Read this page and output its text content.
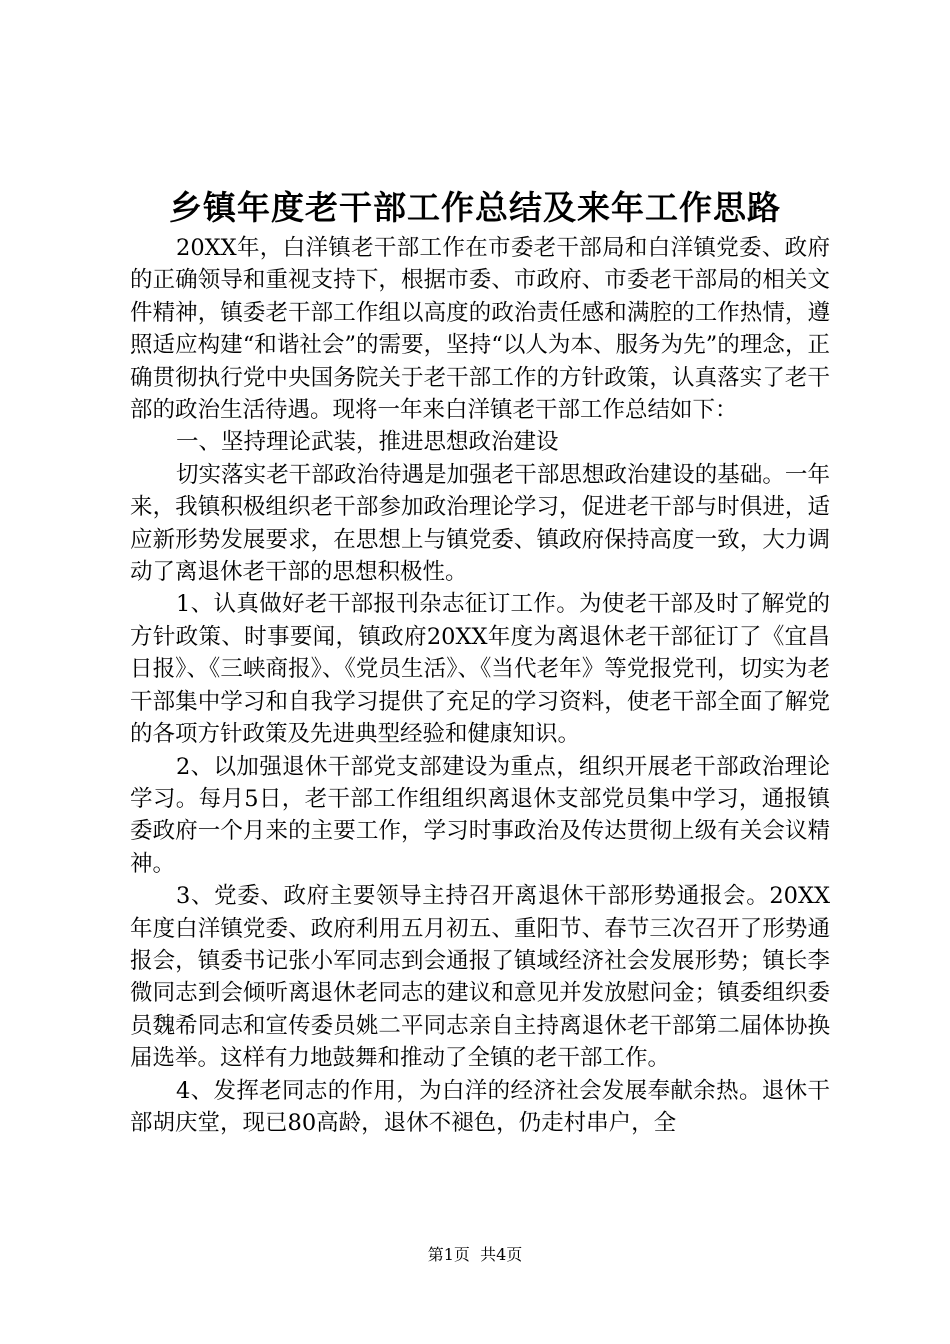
乡镇年度老干部工作总结及来年工作思路

20XX年，白洋镇老干部工作在市委老干部局和白洋镇党委、政府的正确领导和重视支持下，根据市委、市政府、市委老干部局的相关文件精神，镇委老干部工作组以高度的政治责任感和满腔的工作热情，遵照适应构建“和谐社会”的需要，坚持“以人为本、服务为先”的理念，正确贯彻执行党中央国务院关于老干部工作的方针政策，认真落实了老干部的政治生活待遇。现将一年来白洋镇老干部工作总结如下：

一、坚持理论武装，推进思想政治建设

切实落实老干部政治待遇是加强老干部思想政治建设的基础。一年来，我镇积极组织老干部参加政治理论学习，促进老干部与时俱进，适应新形势发展要求，在思想上与镇党委、镇政府保持高度一致，大力调动了离退休老干部的思想积极性。

1、认真做好老干部报刊杂志征订工作。为使老干部及时了解党的方针政策、时事要闻，镇政府20XX年度为离退休老干部征订了《宜昌日报》、《三峡商报》、《党员生活》、《当代老年》等党报党刊，切实为老干部集中学习和自我学习提供了充足的学习资料，使老干部全面了解党的各项方针政策及先进典型经验和健康知识。

2、以加强退休干部党支部建设为重点，组织开展老干部政治理论学习。每月5日，老干部工作组组织离退休支部党员集中学习，通报镇委政府一个月来的主要工作，学习时事政治及传达贯彻上级有关会议精神。

3、党委、政府主要领导主持召开离退休干部形势通报会。20XX年度白洋镇党委、政府利用五月初五、重阳节、春节三次召开了形势通报会，镇委书记张小军同志到会通报了镇域经济社会发展形势；镇长李微同志到会倾听离退休老同志的建议和意见并发放慰问金；镇委组织委员魏希同志和宣传委员姚二平同志亲自主持离退休老干部第二届体协换届选举。这样有力地鼓舞和推动了全镇的老干部工作。

4、发挥老同志的作用，为白洋的经济社会发展奉献余热。退休干部胡庆堂，现已80高龄，退休不褪色，仍走村串户，全

第1页 共4页
